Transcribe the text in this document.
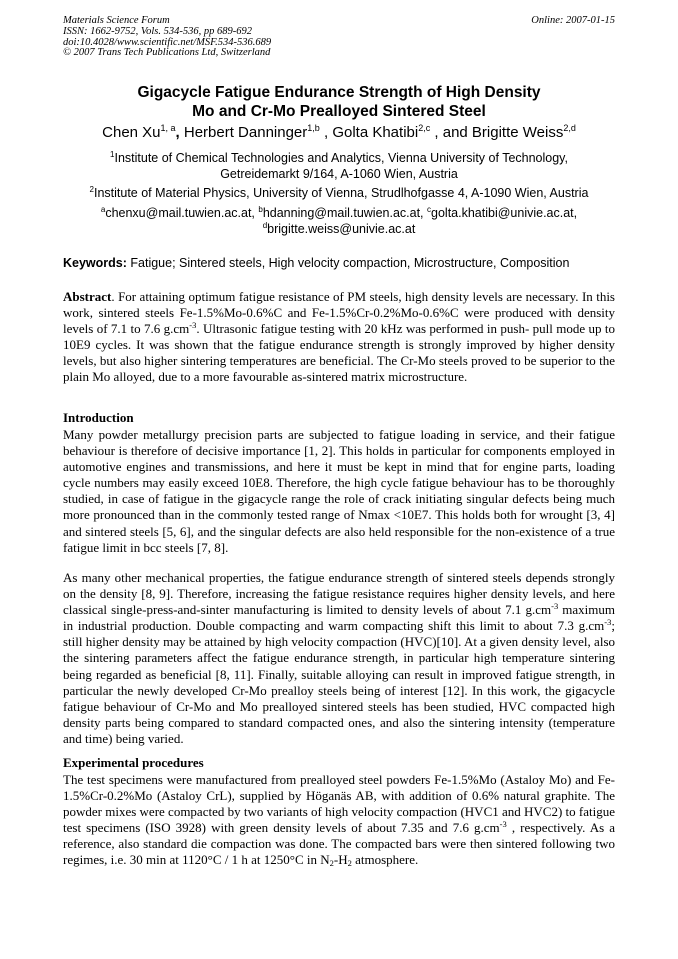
Materials Science Forum
ISSN: 1662-9752, Vols. 534-536, pp 689-692
doi:10.4028/www.scientific.net/MSF.534-536.689
© 2007 Trans Tech Publications Ltd, Switzerland
Online: 2007-01-15
Gigacycle Fatigue Endurance Strength of High Density
Mo and Cr-Mo Prealloyed Sintered Steel
Chen Xu$^{1, a}$, Herbert Danninger$^{1,b}$ , Golta Khatibi$^{2,c}$ , and Brigitte Weiss$^{2,d}$
$^1$Institute of Chemical Technologies and Analytics, Vienna University of Technology,
Getreidemarkt 9/164, A-1060 Wien, Austria
$^2$Institute of Material Physics, University of Vienna, Strudlhofgasse 4, A-1090 Wien, Austria
$^a$chenxu@mail.tuwien.ac.at, $^b$hdanning@mail.tuwien.ac.at, $^c$golta.khatibi@univie.ac.at,
$^d$brigitte.weiss@univie.ac.at
Keywords: Fatigue; Sintered steels, High velocity compaction, Microstructure, Composition
Abstract. For attaining optimum fatigue resistance of PM steels, high density levels are necessary. In this work, sintered steels Fe-1.5%Mo-0.6%C and Fe-1.5%Cr-0.2%Mo-0.6%C were produced with density levels of 7.1 to 7.6 $g.cm^{-3}$. Ultrasonic fatigue testing with 20 kHz was performed in push- pull mode up to 10E9 cycles. It was shown that the fatigue endurance strength is strongly improved by higher density levels, but also higher sintering temperatures are beneficial. The Cr-Mo steels proved to be superior to the plain Mo alloyed, due to a more favourable as-sintered matrix microstructure.
Introduction
Many powder metallurgy precision parts are subjected to fatigue loading in service, and their fatigue behaviour is therefore of decisive importance [1, 2]. This holds in particular for components employed in automotive engines and transmissions, and here it must be kept in mind that for engine parts, loading cycle numbers may easily exceed 10E8. Therefore, the high cycle fatigue behaviour has to be thoroughly studied, in case of fatigue in the gigacycle range the role of crack initiating singular defects being much more pronounced than in the commonly tested range of Nmax <10E7. This holds both for wrought [3, 4] and sintered steels [5, 6], and the singular defects are also held responsible for the non-existence of a true fatigue limit in bcc steels [7, 8].
As many other mechanical properties, the fatigue endurance strength of sintered steels depends strongly on the density [8, 9]. Therefore, increasing the fatigue resistance requires higher density levels, and here classical single-press-and-sinter manufacturing is limited to density levels of about 7.1 $g.cm^{-3}$ maximum in industrial production. Double compacting and warm compacting shift this limit to about 7.3 $g.cm^{-3}$; still higher density may be attained by high velocity compaction (HVC)[10]. At a given density level, also the sintering parameters affect the fatigue endurance strength, in particular high temperature sintering being regarded as beneficial [8, 11]. Finally, suitable alloying can result in improved fatigue strength, in particular the newly developed Cr-Mo prealloy steels being of interest [12]. In this work, the gigacycle fatigue behaviour of Cr-Mo and Mo prealloyed sintered steels has been studied, HVC compacted high density parts being compared to standard compacted ones, and also the sintering intensity (temperature and time) being varied.
Experimental procedures
The test specimens were manufactured from prealloyed steel powders Fe-1.5%Mo (Astaloy Mo) and Fe-1.5%Cr-0.2%Mo (Astaloy CrL), supplied by Höganäs AB, with addition of 0.6% natural graphite. The powder mixes were compacted by two variants of high velocity compaction (HVC1 and HVC2) to fatigue test specimens (ISO 3928) with green density levels of about 7.35 and 7.6 $g.cm^{-3}$ , respectively. As a reference, also standard die compaction was done. The compacted bars were then sintered following two regimes, i.e. 30 min at 1120°C / 1 h at 1250°C in $N_2-H_2$ atmosphere.
